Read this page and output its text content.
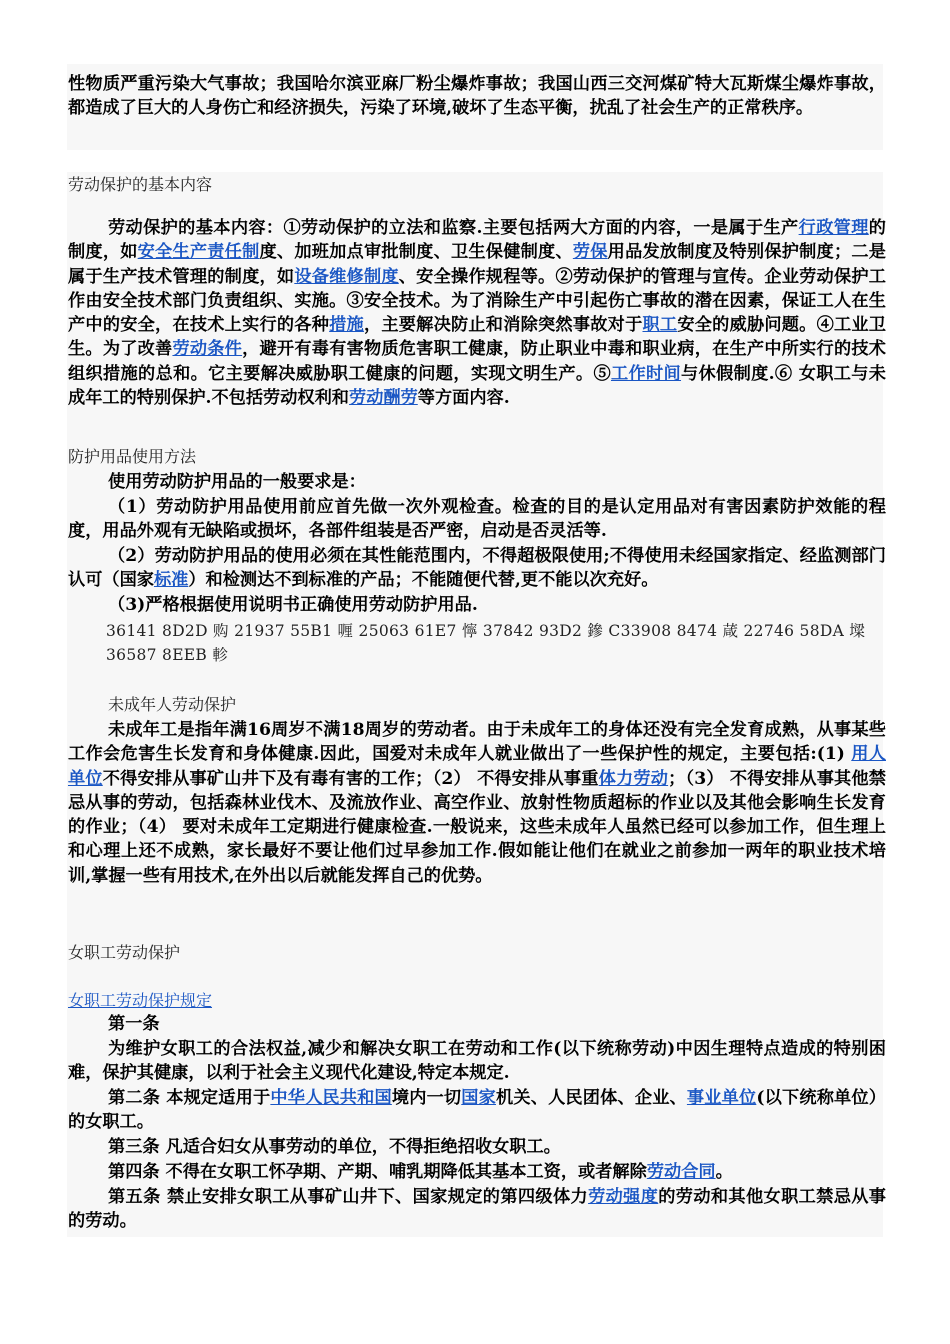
性物质严重污染大气事故；我国哈尔滨亚麻厂粉尘爆炸事故；我国山西三交河煤矿特大瓦斯煤尘爆炸事故，都造成了巨大的人身伤亡和经济损失，污染了环境,破坏了生态平衡，扰乱了社会生产的正常秩序。
劳动保护的基本内容
劳动保护的基本内容：①劳动保护的立法和监察.主要包括两大方面的内容，一是属于生产行政管理的制度，如安全生产责任制度、加班加点审批制度、卫生保健制度、劳保用品发放制度及特别保护制度；二是属于生产技术管理的制度，如设备维修制度、安全操作规程等。②劳动保护的管理与宣传。企业劳动保护工作由安全技术部门负责组织、实施。③安全技术。为了消除生产中引起伤亡事故的潜在因素，保证工人在生产中的安全，在技术上实行的各种措施，主要解决防止和消除突然事故对于职工安全的威胁问题。④工业卫生。为了改善劳动条件，避开有毒有害物质危害职工健康，防止职业中毒和职业病，在生产中所实行的技术组织措施的总和。它主要解决威胁职工健康的问题，实现文明生产。⑤工作时间与休假制度.⑥ 女职工与未成年工的特别保护.不包括劳动权利和劳动酬劳等方面内容.
防护用品使用方法
使用劳动防护用品的一般要求是：
（1）劳动防护用品使用前应首先做一次外观检查。检查的目的是认定用品对有害因素防护效能的程度，用品外观有无缺陷或损坏，各部件组装是否严密，启动是否灵活等.
（2）劳动防护用品的使用必须在其性能范围内，不得超极限使用;不得使用未经国家指定、经监测部门认可（国家标准）和检测达不到标准的产品；不能随便代替,更不能以次充好。
（3)严格根据使用说明书正确使用劳动防护用品.
36141 8D2D 购 21937 55B1 喱 25063 61E7 懧 37842 93D2 鏒 C33908 8474 葴 22746 58DA 墚 36587 8EEB 軫
未成年人劳动保护
未成年工是指年满16周岁不满18周岁的劳动者。由于未成年工的身体还没有完全发育成熟，从事某些工作会危害生长发育和身体健康.因此，国爱对未成年人就业做出了一些保护性的规定，主要包括:(1) 用人单位不得安排从事矿山井下及有毒有害的工作；（2） 不得安排从事重体力劳动；（3） 不得安排从事其他禁忌从事的劳动，包括森林业伐木、及流放作业、高空作业、放射性物质超标的作业以及其他会影响生长发育的作业；（4） 要对未成年工定期进行健康检查.一般说来，这些未成年人虽然已经可以参加工作，但生理上和心理上还不成熟，家长最好不要让他们过早参加工作.假如能让他们在就业之前参加一两年的职业技术培训,掌握一些有用技术,在外出以后就能发挥自己的优势。
女职工劳动保护
女职工劳动保护规定
第一条
为维护女职工的合法权益,减少和解决女职工在劳动和工作(以下统称劳动)中因生理特点造成的特别困难，保护其健康，以利于社会主义现代化建设,特定本规定.
第二条 本规定适用于中华人民共和国境内一切国家机关、人民团体、企业、事业单位(以下统称单位）的女职工。
第三条 凡适合妇女从事劳动的单位，不得拒绝招收女职工。
第四条 不得在女职工怀孕期、产期、哺乳期降低其基本工资，或者解除劳动合同。
第五条 禁止安排女职工从事矿山井下、国家规定的第四级体力劳动强度的劳动和其他女职工禁忌从事的劳动。
